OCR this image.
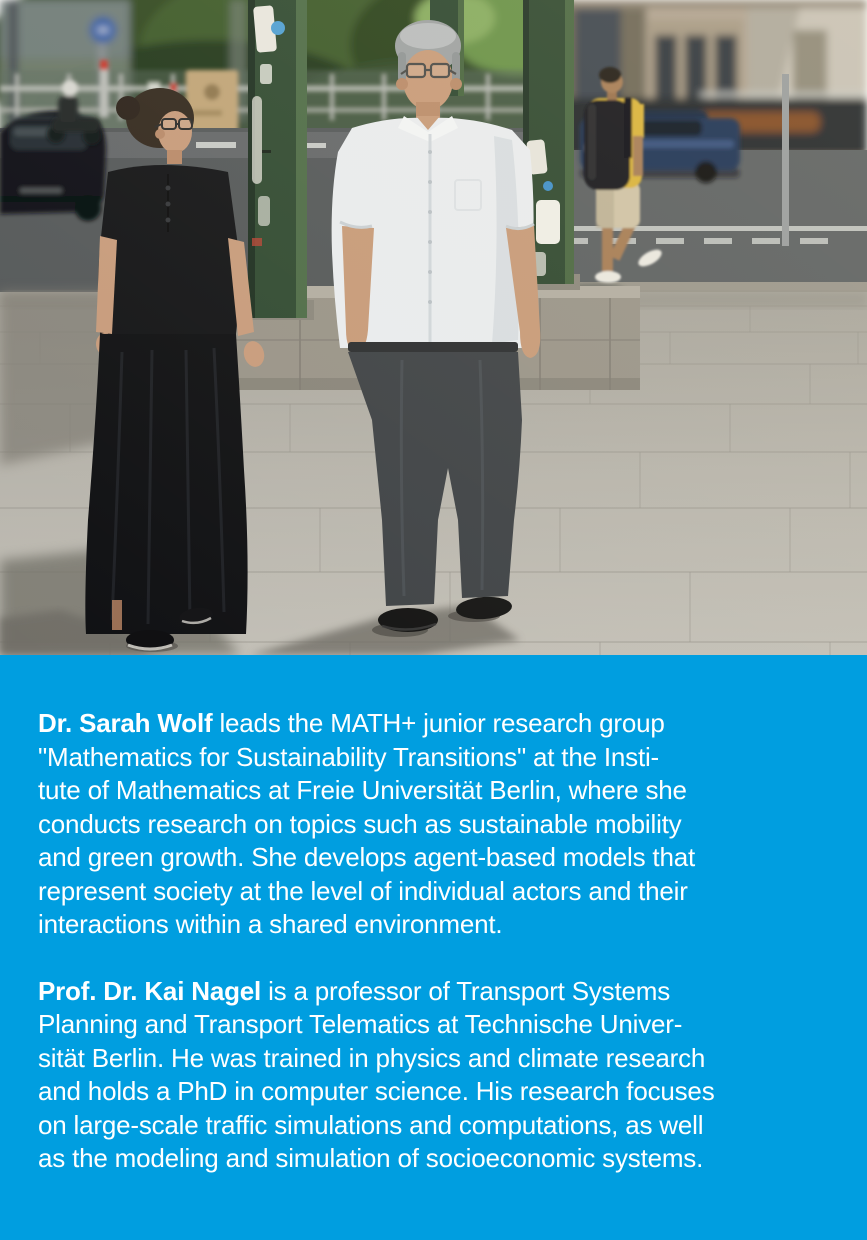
Dr. Sarah Wolf leads the MATH+ junior research group
"Mathematics for Sustainability Transitions" at the Insti-
tute of Mathematics at Freie Universität Berlin, where she
conducts research on topics such as sustainable mobility
and green growth. She develops agent-based models that
represent society at the level of individual actors and their
interactions within a shared environment.
Prof. Dr. Kai Nagel is a professor of Transport Systems
Planning and Transport Telematics at Technische Univer-
sität Berlin. He was trained in physics and climate research
and holds a PhD in computer science. His research focuses
on large-scale traffic simulations and computations, as well
as the modeling and simulation of socioeconomic systems.
